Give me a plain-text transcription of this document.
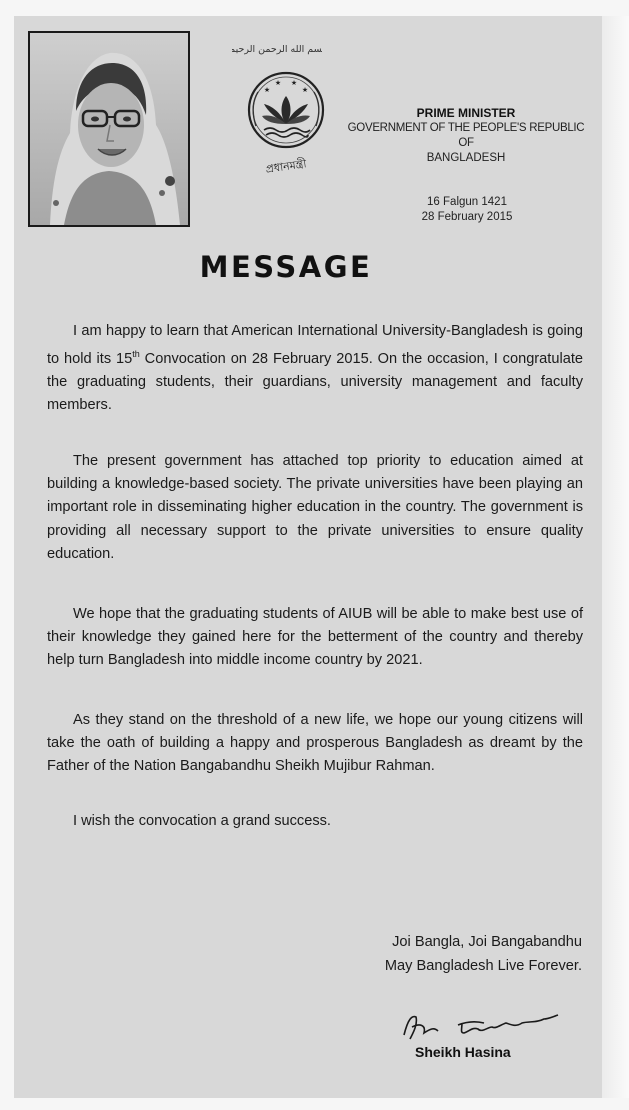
بسم الله الرحمن الرحيم
★
★ ★
★
প্রধানমন্ত্রী
PRIME MINISTER
GOVERNMENT OF THE PEOPLE'S REPUBLIC OF
BANGLADESH
16 Falgun 1421
28 February 2015
MESSAGE
I am happy to learn that American International University-Bangladesh is going to hold its 15th Convocation on 28 February 2015. On the occasion, I congratulate the graduating students, their guardians, university management and faculty members.
The present government has attached top priority to education aimed at building a knowledge-based society. The private universities have been playing an important role in disseminating higher education in the country. The government is providing all necessary support to the private universities to ensure quality education.
We hope that the graduating students of AIUB will be able to make best use of their knowledge they gained here for the betterment of the country and thereby help turn Bangladesh into middle income country by 2021.
As they stand on the threshold of a new life, we hope our young citizens will take the oath of building a happy and prosperous Bangladesh as dreamt by the Father of the Nation Bangabandhu Sheikh Mujibur Rahman.
I wish the convocation a grand success.
Joi Bangla, Joi Bangabandhu
May Bangladesh Live Forever.
Sheikh Hasina
